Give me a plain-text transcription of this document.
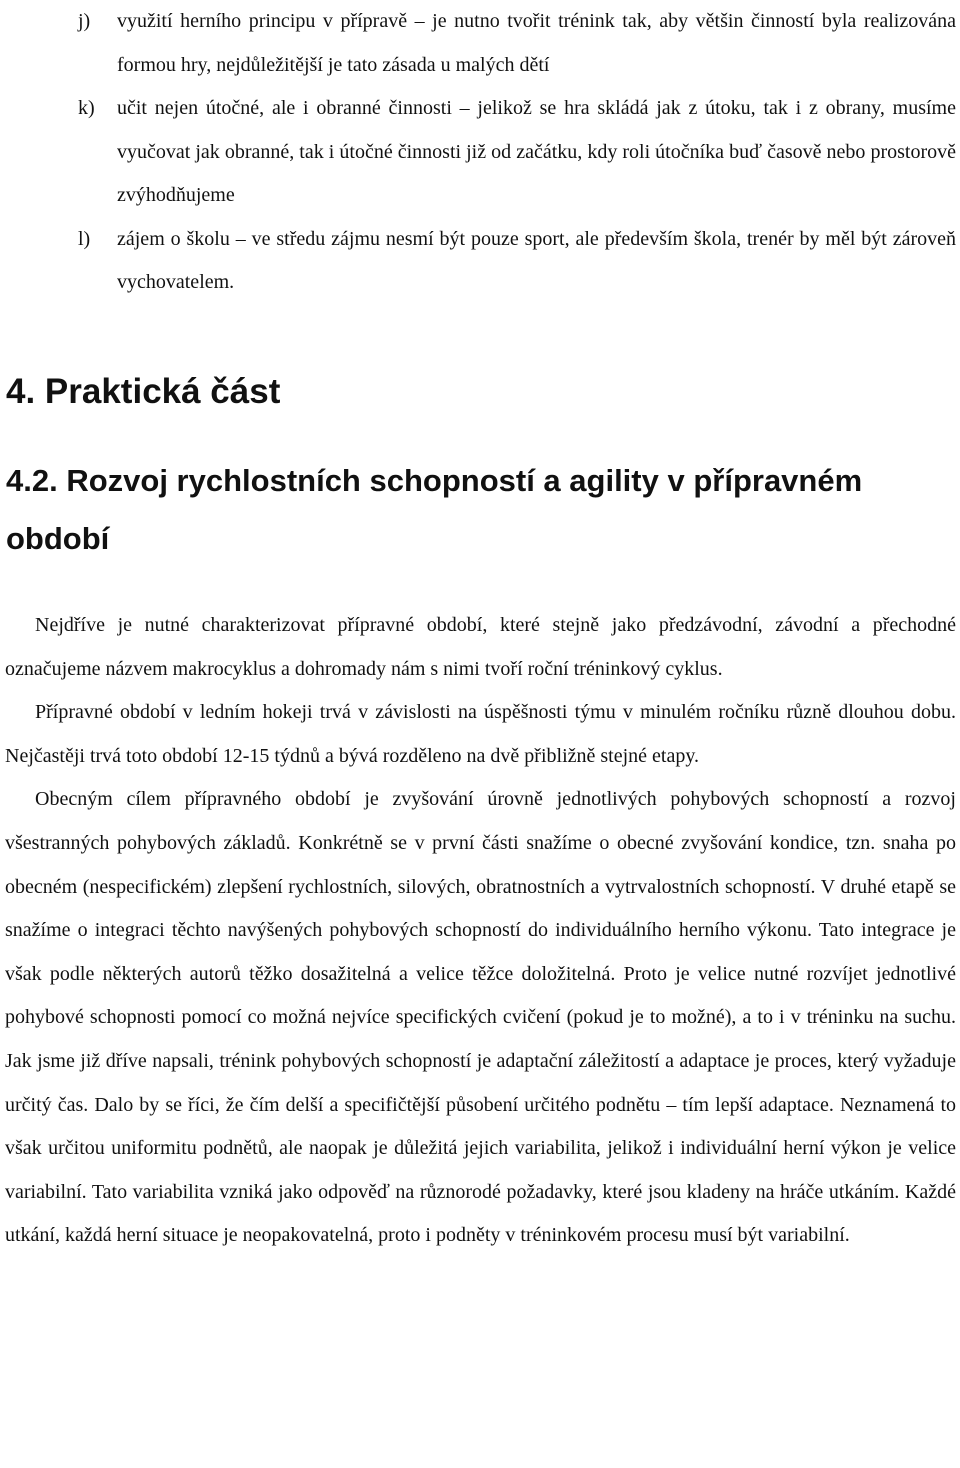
j) využití herního principu v přípravě – je nutno tvořit trénink tak, aby většin činností byla realizována formou hry, nejdůležitější je tato zásada u malých dětí
k) učit nejen útočné, ale i obranné činnosti – jelikož se hra skládá jak z útoku, tak i z obrany, musíme vyučovat jak obranné, tak i útočné činnosti již od začátku, kdy roli útočníka buď časově nebo prostorově zvýhodňujeme
l) zájem o školu – ve středu zájmu nesmí být pouze sport, ale především škola, trenér by měl být zároveň vychovatelem.
4. Praktická část
4.2. Rozvoj rychlostních schopností a agility v přípravném období

Nejdříve je nutné charakterizovat přípravné období, které stejně jako předzávodní, závodní a přechodné označujeme názvem makrocyklus a dohromady nám s nimi tvoří roční tréninkový cyklus.

Přípravné období v ledním hokeji trvá v závislosti na úspěšnosti týmu v minulém ročníku různě dlouhou dobu. Nejčastěji trvá toto období 12-15 týdnů a bývá rozděleno na dvě přibližně stejné etapy.

Obecným cílem přípravného období je zvyšování úrovně jednotlivých pohybových schopností a rozvoj všestranných pohybových základů. Konkrétně se v první části snažíme o obecné zvyšování kondice, tzn. snaha po obecném (nespecifickém) zlepšení rychlostních, silových, obratnostních a vytrvalostních schopností. V druhé etapě se snažíme o integraci těchto navýšených pohybových schopností do individuálního herního výkonu. Tato integrace je však podle některých autorů těžko dosažitelná a velice těžce doložitelná. Proto je velice nutné rozvíjet jednotlivé pohybové schopnosti pomocí co možná nejvíce specifických cvičení (pokud je to možné), a to i v tréninku na suchu. Jak jsme již dříve napsali, trénink pohybových schopností je adaptační záležitostí a adaptace je proces, který vyžaduje určitý čas. Dalo by se říci, že čím delší a specifičtější působení určitého podnětu – tím lepší adaptace. Neznamená to však určitou uniformitu podnětů, ale naopak je důležitá jejich variabilita, jelikož i individuální herní výkon je velice variabilní. Tato variabilita vzniká jako odpověď na různorodé požadavky, které jsou kladeny na hráče utkáním. Každé utkání, každá herní situace je neopakovatelná, proto i podněty v tréninkovém procesu musí být variabilní.
